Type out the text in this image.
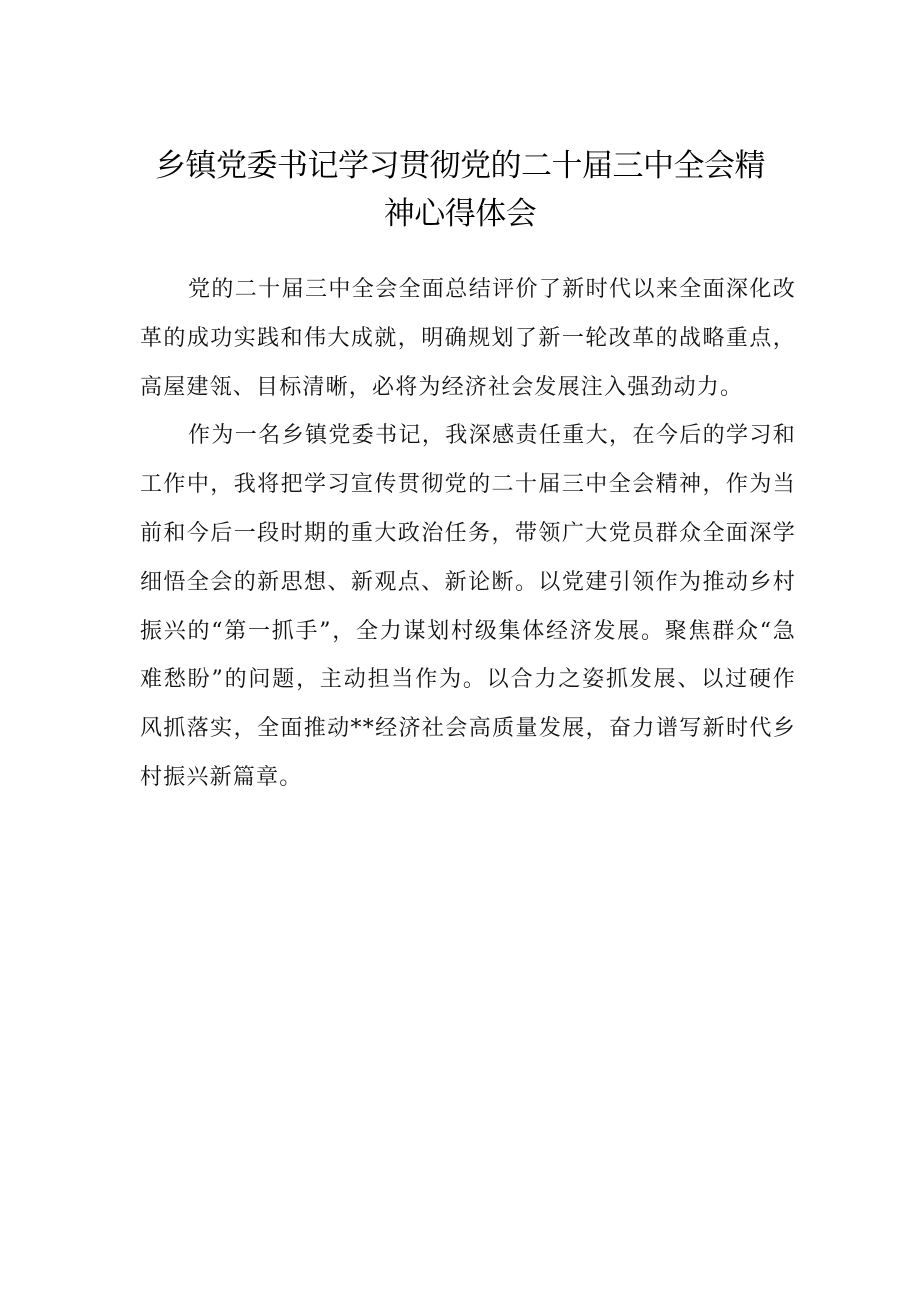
乡镇党委书记学习贯彻党的二十届三中全会精
神心得体会

党的二十届三中全会全面总结评价了新时代以来全面深化改革的成功实践和伟大成就，明确规划了新一轮改革的战略重点，高屋建瓴、目标清晰，必将为经济社会发展注入强劲动力。

作为一名乡镇党委书记，我深感责任重大，在今后的学习和工作中，我将把学习宣传贯彻党的二十届三中全会精神，作为当前和今后一段时期的重大政治任务，带领广大党员群众全面深学细悟全会的新思想、新观点、新论断。以党建引领作为推动乡村振兴的“第一抓手”，全力谋划村级集体经济发展。聚焦群众“急难愁盼”的问题，主动担当作为。以合力之姿抓发展、以过硬作风抓落实，全面推动**经济社会高质量发展，奋力谱写新时代乡村振兴新篇章。
